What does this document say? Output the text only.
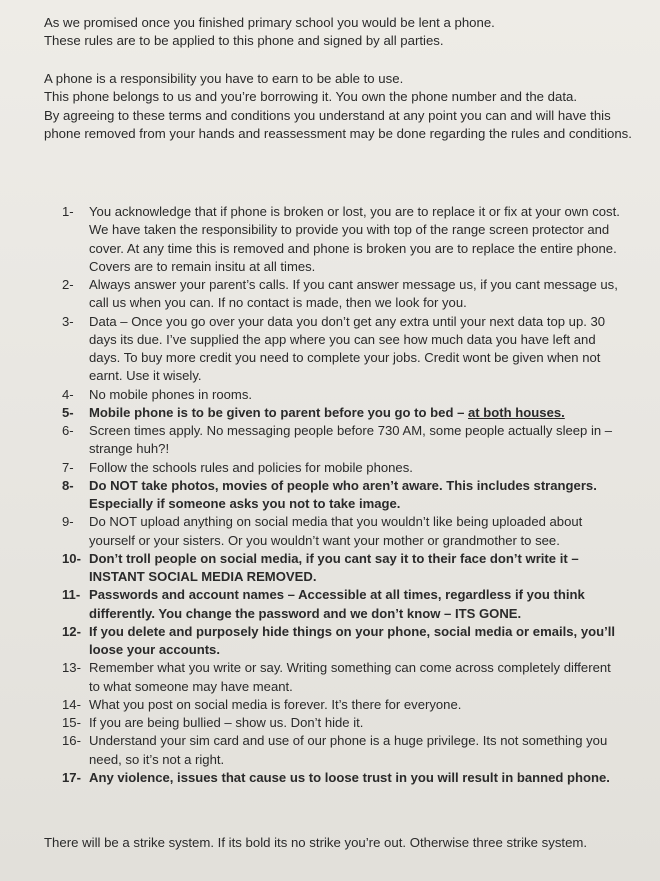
As we promised once you finished primary school you would be lent a phone.

These rules are to be applied to this phone and signed by all parties.

A phone is a responsibility you have to earn to be able to use.

This phone belongs to us and you’re borrowing it. You own the phone number and the data.

By agreeing to these terms and conditions you understand at any point you can and will have this phone removed from your hands and reassessment may be done regarding the rules and conditions.

1- You acknowledge that if phone is broken or lost, you are to replace it or fix at your own cost. We have taken the responsibility to provide you with top of the range screen protector and cover. At any time this is removed and phone is broken you are to replace the entire phone. Covers are to remain insitu at all times.
2- Always answer your parent’s calls. If you cant answer message us, if you cant message us, call us when you can. If no contact is made, then we look for you.
3- Data – Once you go over your data you don’t get any extra until your next data top up. 30 days its due. I’ve supplied the app where you can see how much data you have left and days. To buy more credit you need to complete your jobs. Credit wont be given when not earnt. Use it wisely.
4- No mobile phones in rooms.
5- Mobile phone is to be given to parent before you go to bed – at both houses.
6- Screen times apply. No messaging people before 730 AM, some people actually sleep in – strange huh?!
7- Follow the schools rules and policies for mobile phones.
8- Do NOT take photos, movies of people who aren’t aware. This includes strangers. Especially if someone asks you not to take image.
9- Do NOT upload anything on social media that you wouldn’t like being uploaded about yourself or your sisters. Or you wouldn’t want your mother or grandmother to see.
10- Don’t troll people on social media, if you cant say it to their face don’t write it – INSTANT SOCIAL MEDIA REMOVED.
11- Passwords and account names – Accessible at all times, regardless if you think differently. You change the password and we don’t know – ITS GONE.
12- If you delete and purposely hide things on your phone, social media or emails, you’ll loose your accounts.
13- Remember what you write or say. Writing something can come across completely different to what someone may have meant.
14- What you post on social media is forever. It’s there for everyone.
15- If you are being bullied – show us. Don’t hide it.
16- Understand your sim card and use of our phone is a huge privilege. Its not something you need, so it’s not a right.
17- Any violence, issues that cause us to loose trust in you will result in banned phone.
There will be a strike system. If its bold its no strike you’re out. Otherwise three strike system.
